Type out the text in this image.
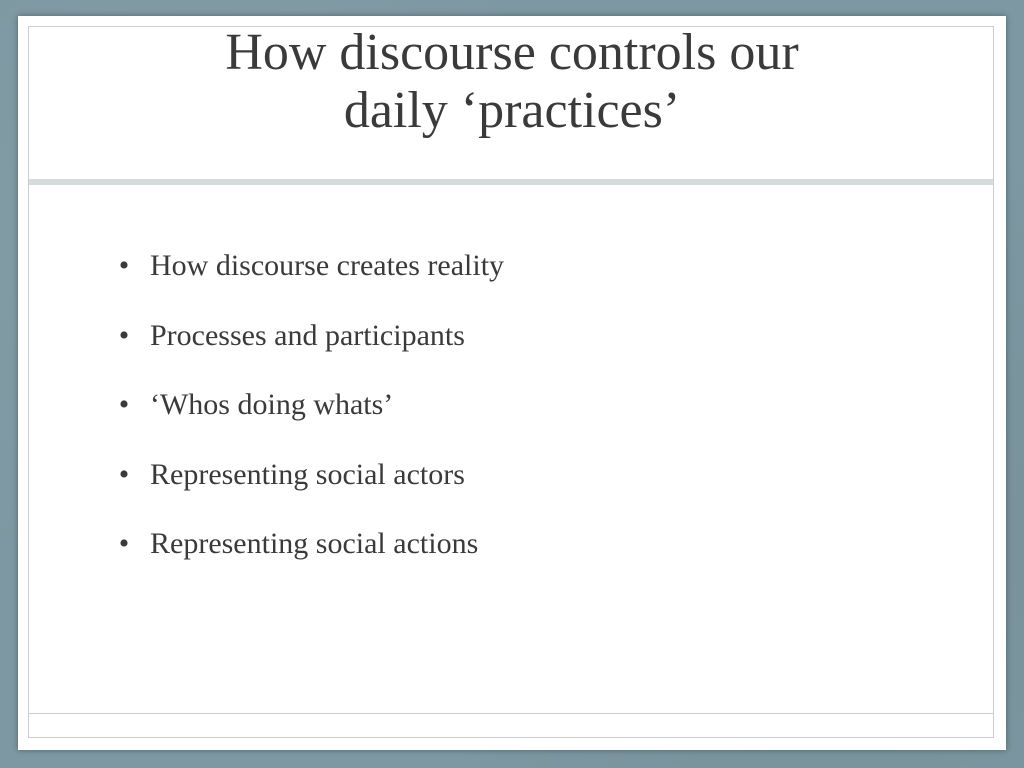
How discourse controls our
daily ‘practices’
• How discourse creates reality
• Processes and participants
• ‘Whos doing whats’
• Representing social actors
• Representing social actions
